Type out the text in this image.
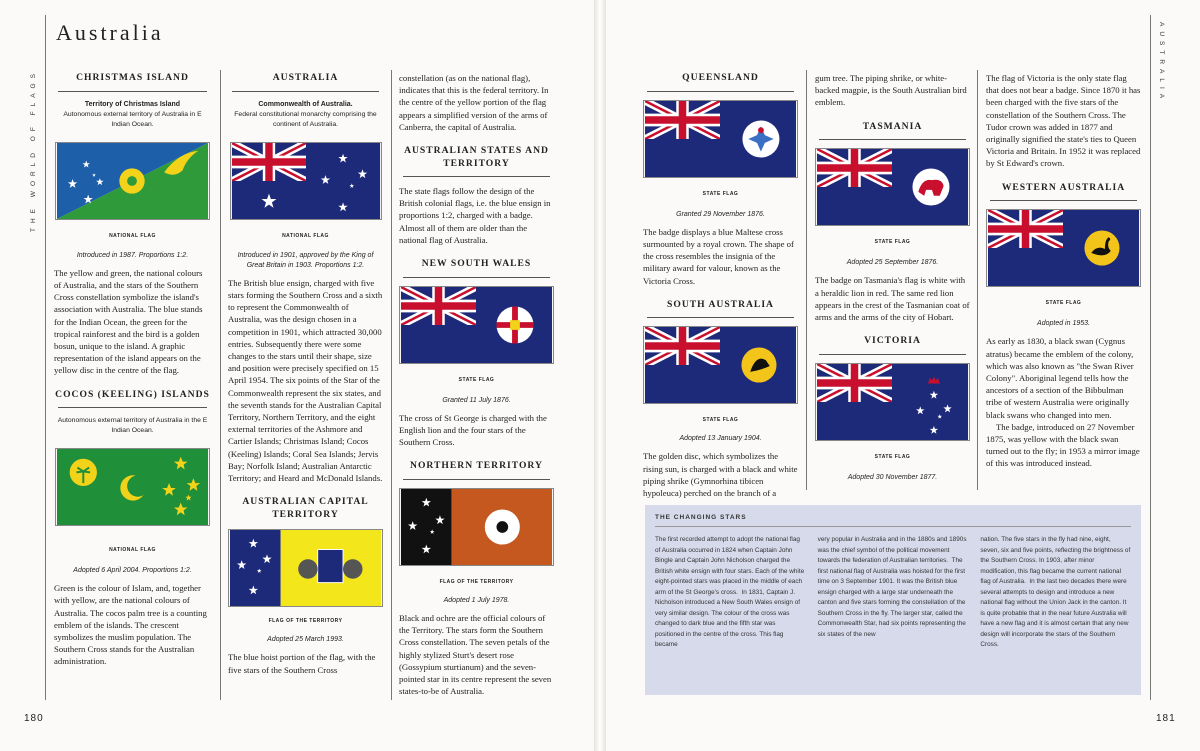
THE WORLD OF FLAGS
Australia
180
CHRISTMAS ISLAND
Territory of Christmas Island
Autonomous external territory of Australia in E Indian Ocean.
NATIONAL FLAG
Introduced in 1987. Proportions 1:2.
The yellow and green, the national colours of Australia, and the stars of the Southern Cross constellation symbolize the island's association with Australia. The blue stands for the Indian Ocean, the green for the tropical rainforest and the bird is a golden bosun, unique to the island. A graphic representation of the island appears on the yellow disc in the centre of the flag.
COCOS (KEELING) ISLANDS
Autonomous external territory of Australia in the E Indian Ocean.
NATIONAL FLAG
Adopted 6 April 2004. Proportions 1:2.
Green is the colour of Islam, and, together with yellow, are the national colours of Australia. The cocos palm tree is a counting emblem of the islands. The crescent symbolizes the muslim population. The Southern Cross stands for the Australian administration.
AUSTRALIA
Commonwealth of Australia.
Federal constitutional monarchy comprising the continent of Australia.
NATIONAL FLAG
Introduced in 1901, approved by the King of Great Britain in 1903. Proportions 1:2.
The British blue ensign, charged with five stars forming the Southern Cross and a sixth to represent the Commonwealth of Australia, was the design chosen in a competition in 1901, which attracted 30,000 entries. Subsequently there were some changes to the stars until their shape, size and position were precisely specified on 15 April 1954. The six points of the Star of the Commonwealth represent the six states, and the seventh stands for the Australian Capital Territory, Northern Territory, and the eight external territories of the Ashmore and Cartier Islands; Christmas Island; Cocos (Keeling) Islands; Coral Sea Islands; Jervis Bay; Norfolk Island; Australian Antarctic Territory; and Heard and McDonald Islands.
AUSTRALIAN CAPITAL TERRITORY
FLAG OF THE TERRITORY
Adopted 25 March 1993.
The blue hoist portion of the flag, with the five stars of the Southern Cross
constellation (as on the national flag), indicates that this is the federal territory. In the centre of the yellow portion of the flag appears a simplified version of the arms of Canberra, the capital of Australia.
AUSTRALIAN STATES AND TERRITORY
The state flags follow the design of the British colonial flags, i.e. the blue ensign in proportions 1:2, charged with a badge. Almost all of them are older than the national flag of Australia.
NEW SOUTH WALES
STATE FLAG
Granted 11 July 1876.
The cross of St George is charged with the English lion and the four stars of the Southern Cross.
NORTHERN TERRITORY
FLAG OF THE TERRITORY
Adopted 1 July 1978.
Black and ochre are the official colours of the Territory. The stars form the Southern Cross constellation. The seven petals of the highly stylized Sturt's desert rose (Gossypium sturtianum) and the seven-pointed star in its centre represent the seven states-to-be of Australia.
AUSTRALIA
181
QUEENSLAND
STATE FLAG
Granted 29 November 1876.
The badge displays a blue Maltese cross surmounted by a royal crown. The shape of the cross resembles the insignia of the military award for valour, known as the Victoria Cross.
SOUTH AUSTRALIA
STATE FLAG
Adopted 13 January 1904.
The golden disc, which symbolizes the rising sun, is charged with a black and white piping shrike (Gymnorhina tibicen hypoleuca) perched on the branch of a
gum tree. The piping shrike, or white-backed magpie, is the South Australian bird emblem.
TASMANIA
STATE FLAG
Adopted 25 September 1876.
The badge on Tasmania's flag is white with a heraldic lion in red. The same red lion appears in the crest of the Tasmanian coat of arms and the arms of the city of Hobart.
VICTORIA
STATE FLAG
Adopted 30 November 1877.
The flag of Victoria is the only state flag that does not bear a badge. Since 1870 it has been charged with the five stars of the constellation of the Southern Cross. The Tudor crown was added in 1877 and originally signified the state's ties to Queen Victoria and Britain. In 1952 it was replaced by St Edward's crown.
WESTERN AUSTRALIA
STATE FLAG
Adopted in 1953.
As early as 1830, a black swan (Cygnus atratus) became the emblem of the colony, which was also known as "the Swan River Colony". Aboriginal legend tells how the ancestors of a section of the Bibbulman tribe of western Australia were originally black swans who changed into men.
The badge, introduced on 27 November 1875, was yellow with the black swan turned out to the fly; in 1953 a mirror image of this was introduced instead.
THE CHANGING STARS
The first recorded attempt to adopt the national flag of Australia occurred in 1824 when Captain John Bingle and Captain John Nicholson charged the British white ensign with four stars. Each of the white eight-pointed stars was placed in the middle of each arm of the St George's cross.  In 1831, Captain J. Nicholson introduced a New South Wales ensign of very similar design. The colour of the cross was changed to dark blue and the fifth star was positioned in the centre of the cross. This flag became
very popular in Australia and in the 1880s and 1890s was the chief symbol of the political movement towards the federation of Australian territories.  The first national flag of Australia was hoisted for the first time on 3 September 1901. It was the British blue ensign charged with a large star underneath the canton and five stars forming the constellation of the Southern Cross in the fly. The larger star, called the Commonwealth Star, had six points representing the six states of the new
nation. The five stars in the fly had nine, eight, seven, six and five points, reflecting the brightness of the Southern Cross. In 1903, after minor modification, this flag became the current national flag of Australia.  In the last two decades there were several attempts to design and introduce a new national flag without the Union Jack in the canton. It is quite probable that in the near future Australia will have a new flag and it is almost certain that any new design will incorporate the stars of the Southern Cross.
